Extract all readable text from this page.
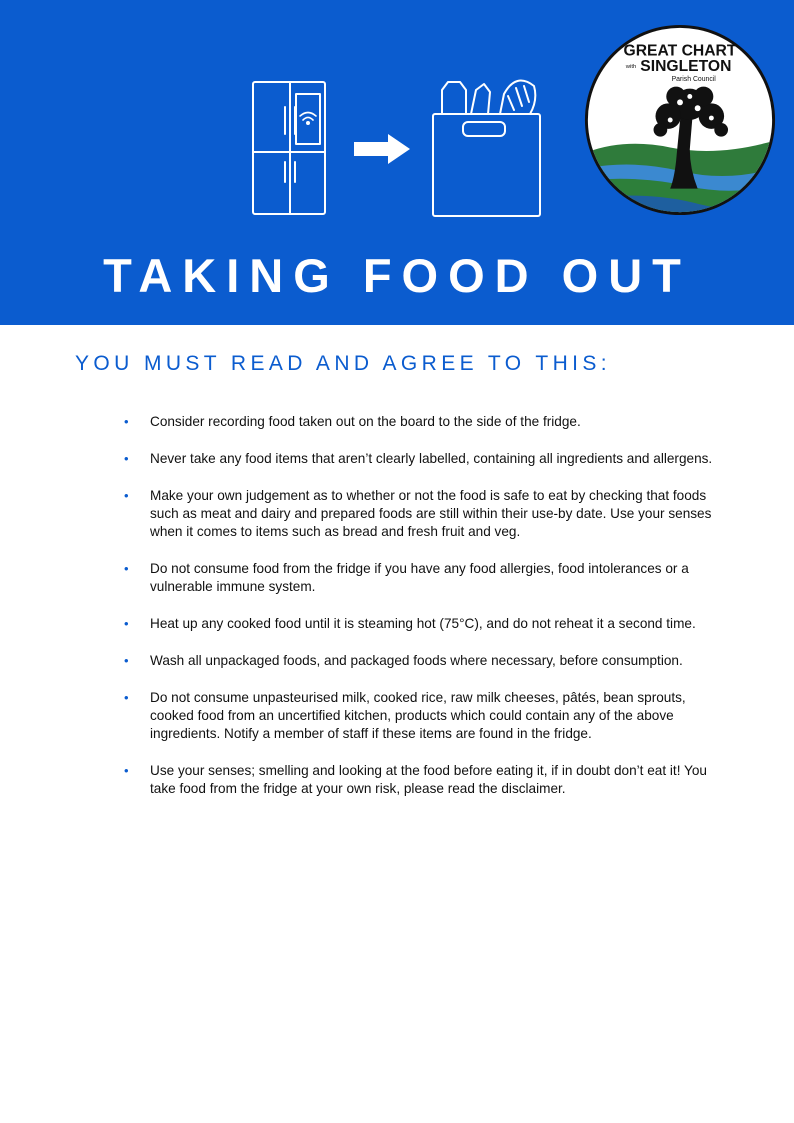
GREAT CHART
with SINGLETON
Parish Council
TAKING FOOD OUT
YOU MUST READ AND AGREE TO THIS:
• Consider recording food taken out on the board to the side of the fridge.
• Never take any food items that aren’t clearly labelled, containing all ingredients and allergens.
• Make your own judgement as to whether or not the food is safe to eat by checking that foods such as meat and dairy and prepared foods are still within their use-by date. Use your senses when it comes to items such as bread and fresh fruit and veg.
• Do not consume food from the fridge if you have any food allergies, food intolerances or a vulnerable immune system.
• Heat up any cooked food until it is steaming hot (75°C), and do not reheat it a second time.
• Wash all unpackaged foods, and packaged foods where necessary, before consumption.
• Do not consume unpasteurised milk, cooked rice, raw milk cheeses, pâtés, bean sprouts, cooked food from an uncertified kitchen, products which could contain any of the above ingredients. Notify a member of staff if these items are found in the fridge.
• Use your senses; smelling and looking at the food before eating it, if in doubt don’t eat it! You take food from the fridge at your own risk, please read the disclaimer.
